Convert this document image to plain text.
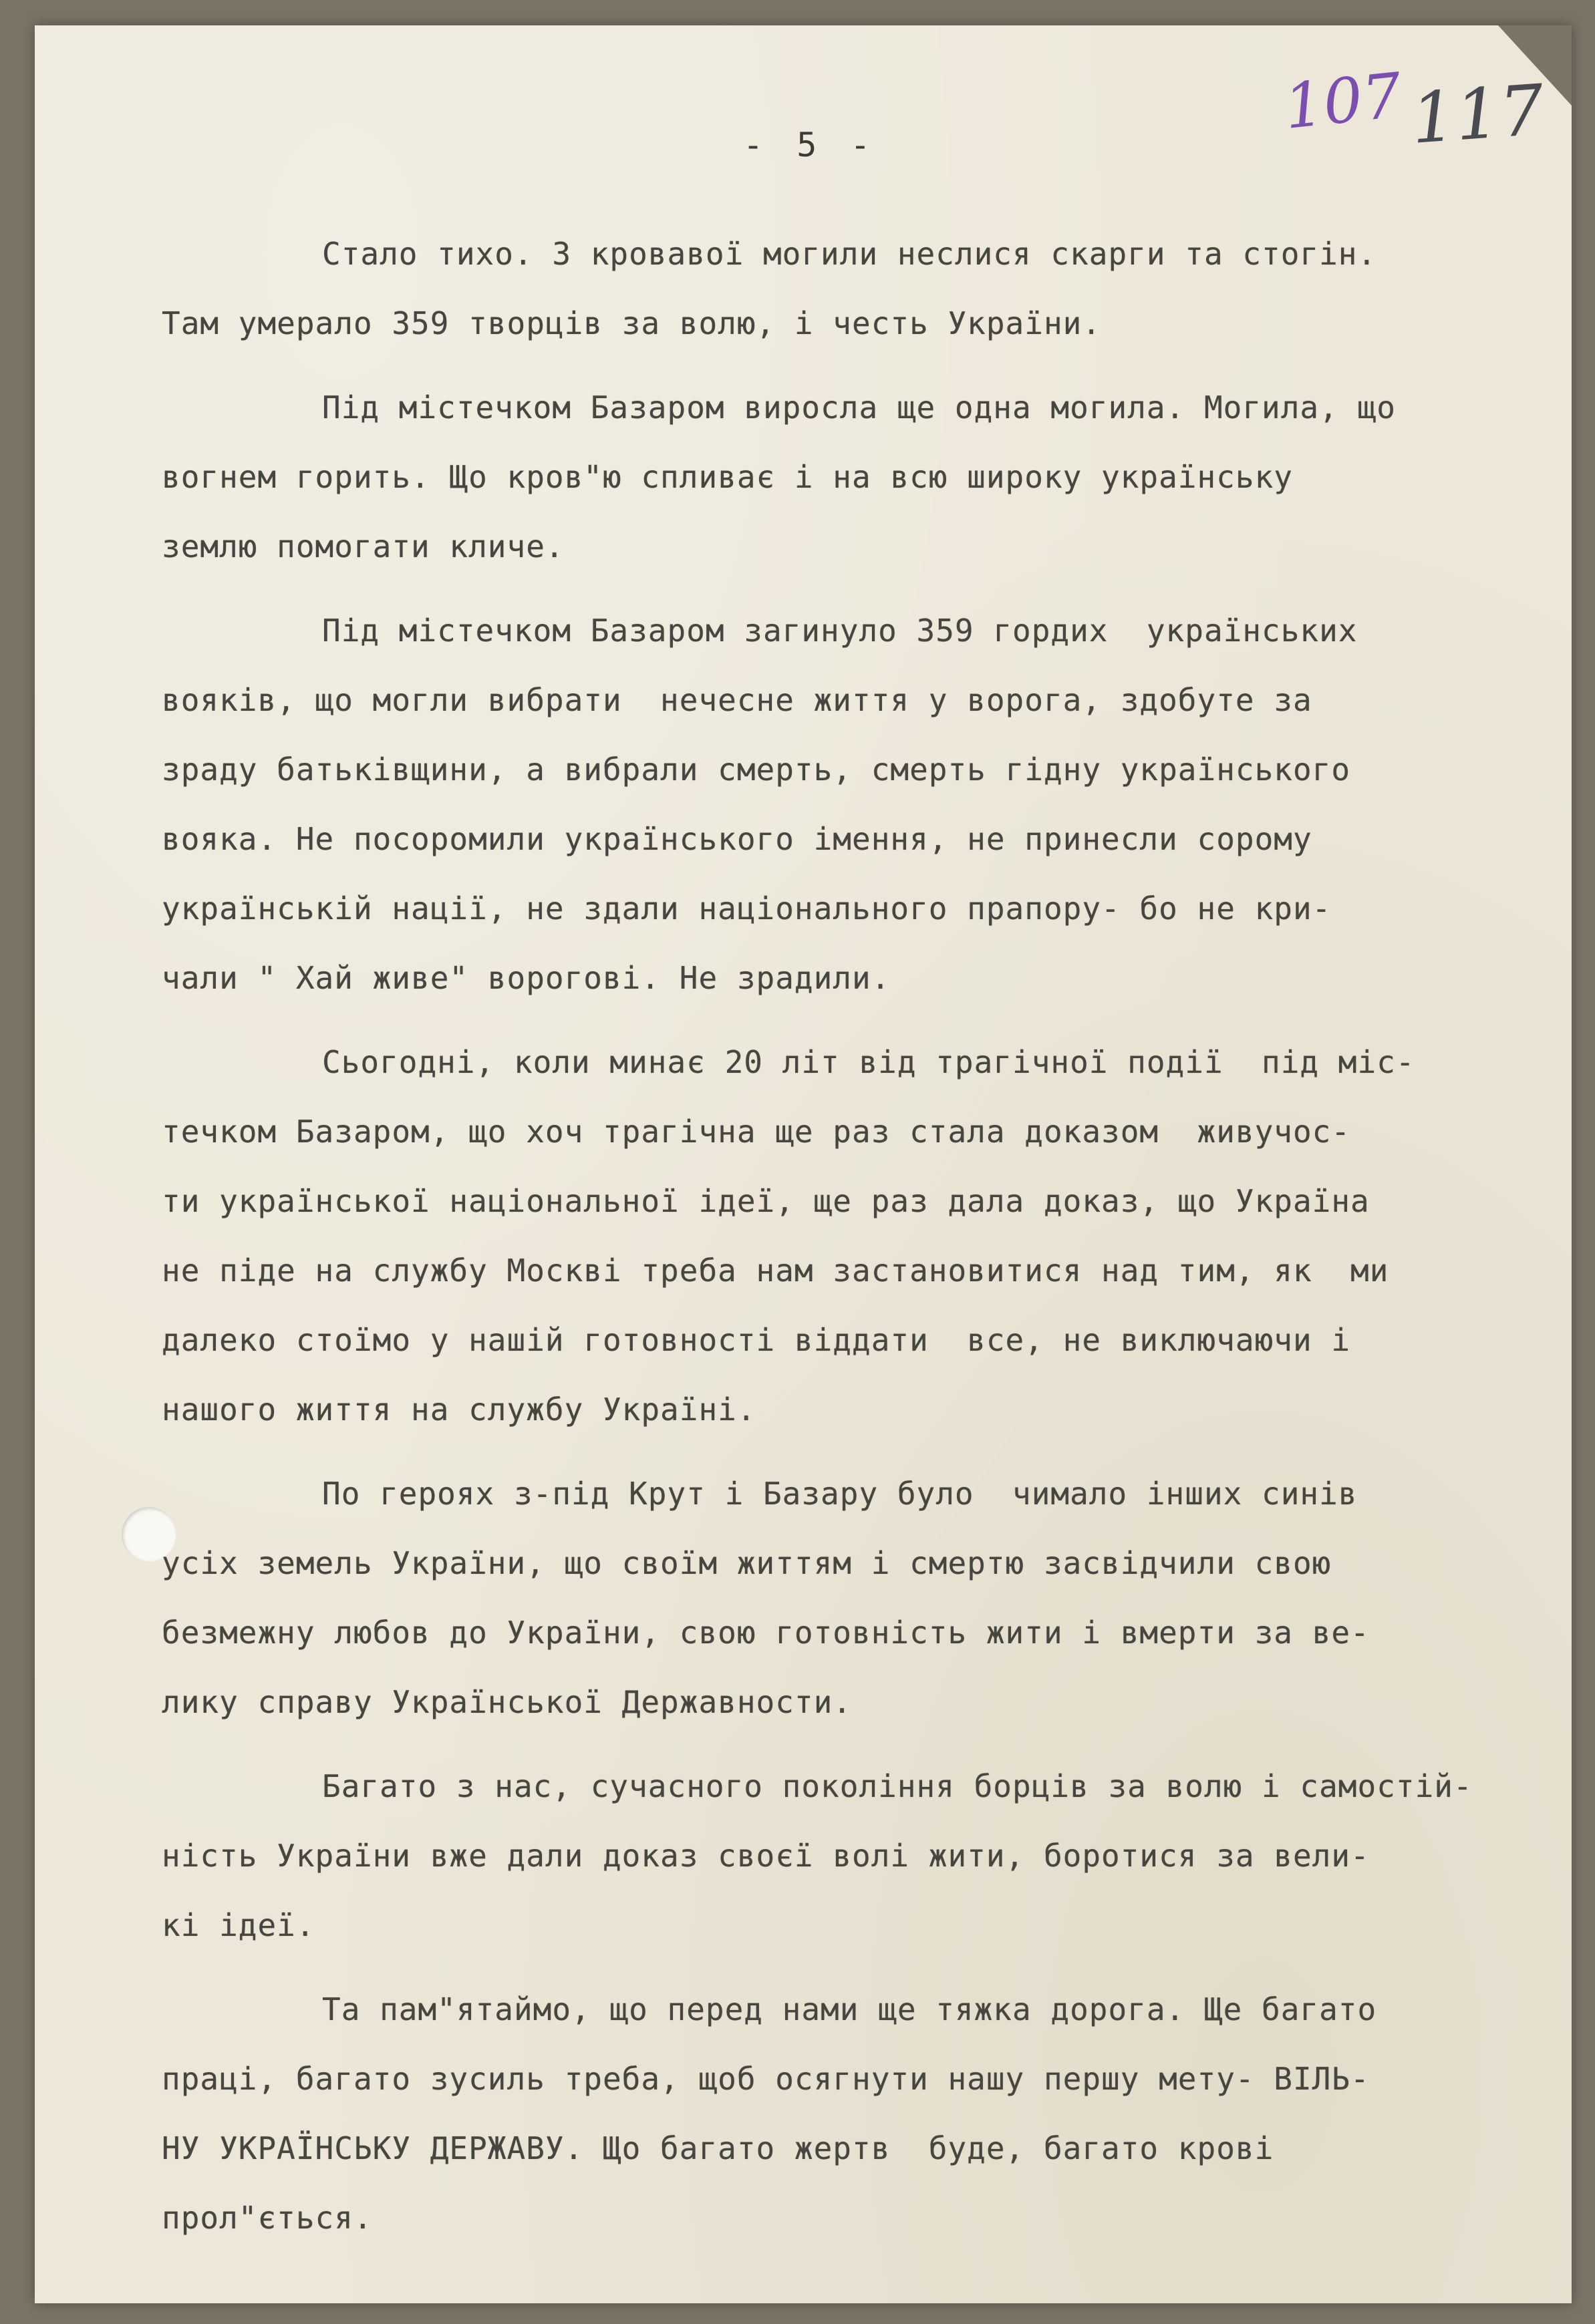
107 117
- 5 -
Стало тихо. З кровавої могили неслися скарги та стогін.
Там умерало 359 творців за волю, і честь України.
Під містечком Базаром виросла ще одна могила. Могила, що
вогнем горить. Що кров"ю спливає і на всю широку українську
землю помогати кличе.
Під містечком Базаром загинуло 359 гордих  українських
вояків, що могли вибрати  нечесне життя у ворога, здобуте за
зраду батьківщини, а вибрали смерть, смерть гідну українського
вояка. Не посоромили українського імення, не принесли сорому
українській нації, не здали національного прапору- бо не кри-
чали " Хай живе" ворогові. Не зрадили.
Сьогодні, коли минає 20 літ від трагічної події  під міс-
течком Базаром, що хоч трагічна ще раз стала доказом  живучос-
ти української національної ідеї, ще раз дала доказ, що Україна
не піде на службу Москві треба нам застановитися над тим, як  ми
далеко стоїмо у нашій готовності віддати  все, не виключаючи і
нашого життя на службу Україні.
По героях з-під Крут і Базару було  чимало інших синів
усіх земель України, що своїм життям і смертю засвідчили свою
безмежну любов до України, свою готовність жити і вмерти за ве-
лику справу Української Державности.
Багато з нас, сучасного покоління борців за волю і самостій-
ність України вже дали доказ своєї волі жити, боротися за вели-
кі ідеї.
Та пам"ятаймо, що перед нами ще тяжка дорога. Ще багато
праці, багато зусиль треба, щоб осягнути нашу першу мету- ВІЛЬ-
НУ УКРАЇНСЬКУ ДЕРЖАВУ. Що багато жертв  буде, багато крові
прол"ється.
